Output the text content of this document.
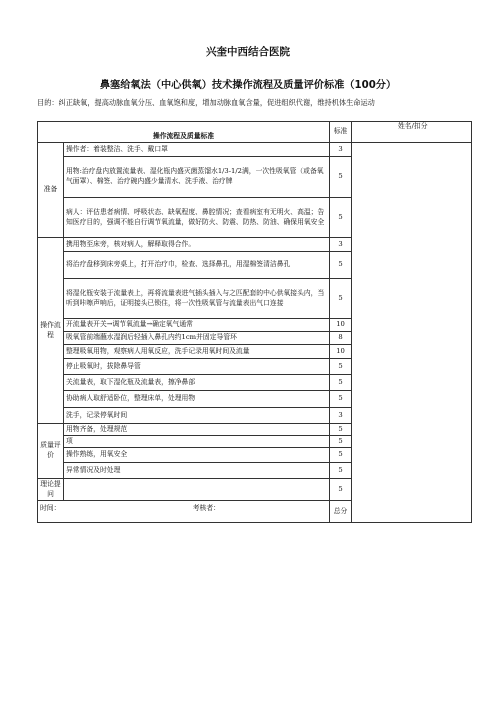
兴奎中西结合医院
鼻塞给氧法（中心供氧）技术操作流程及质量评价标准（100分）
目的：纠正缺氧，提高动脉血氧分压、血氧饱和度，增加动脉血氧含量，促进组织代谢，维持机体生命运动
操作流程及质量标准		标准	姓名/扣分
准备	操作者：着装整洁、洗手、戴口罩	3	
	用物:治疗盘内放置流量表、湿化瓶内盛灭菌蒸馏水1/3-1/2满，一次性吸氧管（或备氧气面罩）、棉签、治疗碗内盛少量清水、洗手液、治疗牌	5	
	病人：评估患者病情、呼吸状态、缺氧程度、鼻腔情况；查看病室有无明火、高温；告知医疗目的，强调不能自行调节氧流量，做好防火、防震、防热、防油、确保用氧安全	5	
操作流程	携用物至床旁，核对病人，解释取得合作。	3	
	将治疗盘移到床旁桌上，打开治疗巾，检查、选择鼻孔，用湿棉签清洁鼻孔	5	
	将湿化瓶安装于流量表上，再将流量表进气插头插入与之匹配套的中心供氧接头内，当听到咔嚓声响后，证明接头已锁住，将一次性吸氧管与流量表出气口连接	5	
	开流量表开关→调节氧流量→确定氧气通常	10	
	吸氧管前端蘸水湿润后轻插入鼻孔内约1cm并固定导管环	8	
	整理吸氧用物，观察病人用氧反应，洗手记录用氧时间及流量	10	
	停止吸氧时，拔除鼻导管	5	
	关流量表，取下湿化瓶及流量表，擦净鼻部	5	
	协助病人取舒适卧位，整理床单，处理用物	5	
	洗手，记录停氧时间	3	
质量评价	用物齐备，处理规范	5	
	项	5	
	操作熟练，用氧安全	5	
	异常情况及时处理	5	
理论提问		5	
时间： 考核者：		总分	
